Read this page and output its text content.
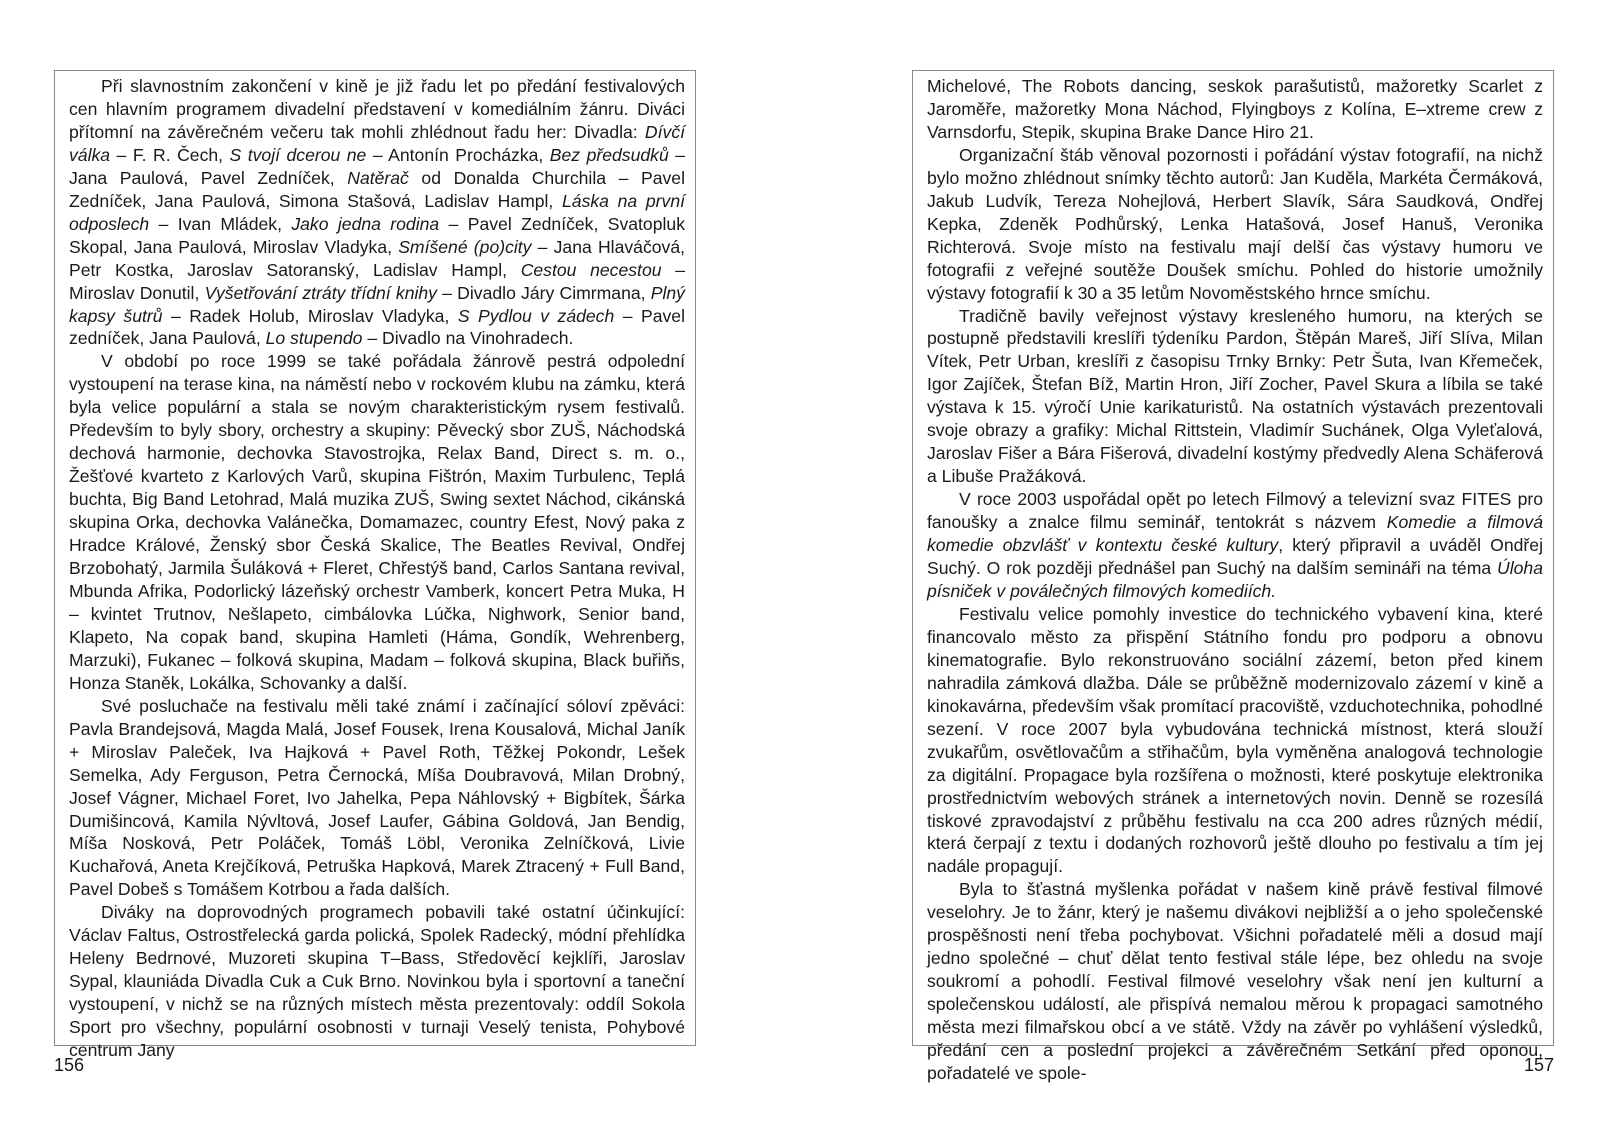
Při slavnostním zakončení v kině je již řadu let po předání festivalových cen hlavním programem divadelní představení v komediálním žánru. Diváci přítomní na závěrečném večeru tak mohli zhlédnout řadu her: Divadla: Dívčí válka – F. R. Čech, S tvojí dcerou ne – Antonín Procházka, Bez předsudků – Jana Paulová, Pavel Zedníček, Natěrač od Donalda Churchila – Pavel Zedníček, Jana Paulová, Simona Stašová, Ladislav Hampl, Láska na první odposlech – Ivan Mládek, Jako jedna rodina – Pavel Zedníček, Svatopluk Skopal, Jana Paulová, Miroslav Vladyka, Smíšené (po)city – Jana Hlaváčová, Petr Kostka, Jaroslav Satoranský, Ladislav Hampl, Cestou necestou – Miroslav Donutil, Vyšetřování ztráty třídní knihy – Divadlo Járy Cimrmana, Plný kapsy šutrů – Radek Holub, Miroslav Vladyka, S Pydlou v zádech – Pavel zedníček, Jana Paulová, Lo stupendo – Divadlo na Vinohradech.

V období po roce 1999 se také pořádala žánrově pestrá odpolední vystoupení na terase kina, na náměstí nebo v rockovém klubu na zámku, která byla velice populární a stala se novým charakteristickým rysem festivalů. Především to byly sbory, orchestry a skupiny: Pěvecký sbor ZUŠ, Náchodská dechová harmonie, dechovka Stavostrojka, Relax Band, Direct s. m. o., Žešťové kvarteto z Karlových Varů, skupina Fištrón, Maxim Turbulenc, Teplá buchta, Big Band Letohrad, Malá muzika ZUŠ, Swing sextet Náchod, cikánská skupina Orka, dechovka Valánečka, Domamazec, country Efest, Nový paka z Hradce Králové, Ženský sbor Česká Skalice, The Beatles Revival, Ondřej Brzobohatý, Jarmila Šuláková + Fleret, Chřestýš band, Carlos Santana revival, Mbunda Afrika, Podorlický lázeňský orchestr Vamberk, koncert Petra Muka, H – kvintet Trutnov, Nešlapeto, cimbálovka Lúčka, Nighwork, Senior band, Klapeto, Na copak band, skupina Hamleti (Háma, Gondík, Wehrenberg, Marzuki), Fukanec – folková skupina, Madam – folková skupina, Black buřiňs, Honza Staněk, Lokálka, Schovanky a další.

Své posluchače na festivalu měli také známí i začínající sóloví zpěváci: Pavla Brandejsová, Magda Malá, Josef Fousek, Irena Kousalová, Michal Janík + Miroslav Paleček, Iva Hajková + Pavel Roth, Těžkej Pokondr, Lešek Semelka, Ady Ferguson, Petra Černocká, Míša Doubravová, Milan Drobný, Josef Vágner, Michael Foret, Ivo Jahelka, Pepa Náhlovský + Bigbítek, Šárka Dumišincová, Kamila Nývltová, Josef Laufer, Gábina Goldová, Jan Bendig, Míša Nosková, Petr Poláček, Tomáš Löbl, Veronika Zelníčková, Livie Kuchařová, Aneta Krejčíková, Petruška Hapková, Marek Ztracený + Full Band, Pavel Dobeš s Tomášem Kotrbou a řada dalších.

Diváky na doprovodných programech pobavili také ostatní účinkující: Václav Faltus, Ostrostřelecká garda polická, Spolek Radecký, módní přehlídka Heleny Bedrnové, Muzoreti skupina T–Bass, Středověcí kejklíři, Jaroslav Sypal, klauniáda Divadla Cuk a Cuk Brno. Novinkou byla i sportovní a taneční vystoupení, v nichž se na různých místech města prezentovaly: oddíl Sokola Sport pro všechny, populární osobnosti v turnaji Veselý tenista, Pohybové centrum Jany

156

Michelové, The Robots dancing, seskok parašutistů, mažoretky Scarlet z Jaroměře, mažoretky Mona Náchod, Flyingboys z Kolína, E–xtreme crew z Varnsdorfu, Stepik, skupina Brake Dance Hiro 21.

Organizační štáb věnoval pozornosti i pořádání výstav fotografií, na nichž bylo možno zhlédnout snímky těchto autorů: Jan Kuděla, Markéta Čermáková, Jakub Ludvík, Tereza Nohejlová, Herbert Slavík, Sára Saudková, Ondřej Kepka, Zdeněk Podhůrský, Lenka Hatašová, Josef Hanuš, Veronika Richterová. Svoje místo na festivalu mají delší čas výstavy humoru ve fotografii z veřejné soutěže Doušek smíchu. Pohled do historie umožnily výstavy fotografií k 30 a 35 letům Novoměstského hrnce smíchu.

Tradičně bavily veřejnost výstavy kresleného humoru, na kterých se postupně představili kreslíři týdeníku Pardon, Štěpán Mareš, Jiří Slíva, Milan Vítek, Petr Urban, kreslíři z časopisu Trnky Brnky: Petr Šuta, Ivan Křemeček, Igor Zajíček, Štefan Bíž, Martin Hron, Jiří Zocher, Pavel Skura a líbila se také výstava k 15. výročí Unie karikaturistů. Na ostatních výstavách prezentovali svoje obrazy a grafiky: Michal Rittstein, Vladimír Suchánek, Olga Vyleťalová, Jaroslav Fišer a Bára Fišerová, divadelní kostýmy předvedly Alena Schäferová a Libuše Pražáková.

V roce 2003 uspořádal opět po letech Filmový a televizní svaz FITES pro fanoušky a znalce filmu seminář, tentokrát s názvem Komedie a filmová komedie obzvlášť v kontextu české kultury, který připravil a uváděl Ondřej Suchý. O rok později přednášel pan Suchý na dalším semináři na téma Úloha písniček v poválečných filmových komediích.

Festivalu velice pomohly investice do technického vybavení kina, které financovalo město za přispění Státního fondu pro podporu a obnovu kinematografie. Bylo rekonstruováno sociální zázemí, beton před kinem nahradila zámková dlažba. Dále se průběžně modernizovalo zázemí v kině a kinokavárna, především však promítací pracoviště, vzduchotechnika, pohodlné sezení. V roce 2007 byla vybudována technická místnost, která slouží zvukařům, osvětlovačům a střihačům, byla vyměněna analogová technologie za digitální. Propagace byla rozšířena o možnosti, které poskytuje elektronika prostřednictvím webových stránek a internetových novin. Denně se rozesílá tiskové zpravodajství z průběhu festivalu na cca 200 adres různých médií, která čerpají z textu i dodaných rozhovorů ještě dlouho po festivalu a tím jej nadále propagují.

Byla to šťastná myšlenka pořádat v našem kině právě festival filmové veselohry. Je to žánr, který je našemu divákovi nejbližší a o jeho společenské prospěšnosti není třeba pochybovat. Všichni pořadatelé měli a dosud mají jedno společné – chuť dělat tento festival stále lépe, bez ohledu na svoje soukromí a pohodlí. Festival filmové veselohry však není jen kulturní a společenskou událostí, ale přispívá nemalou měrou k propagaci samotného města mezi filmařskou obcí a ve státě. Vždy na závěr po vyhlášení výsledků, předání cen a poslední projekci a závěrečném Setkání před oponou, pořadatelé ve spole-	157
